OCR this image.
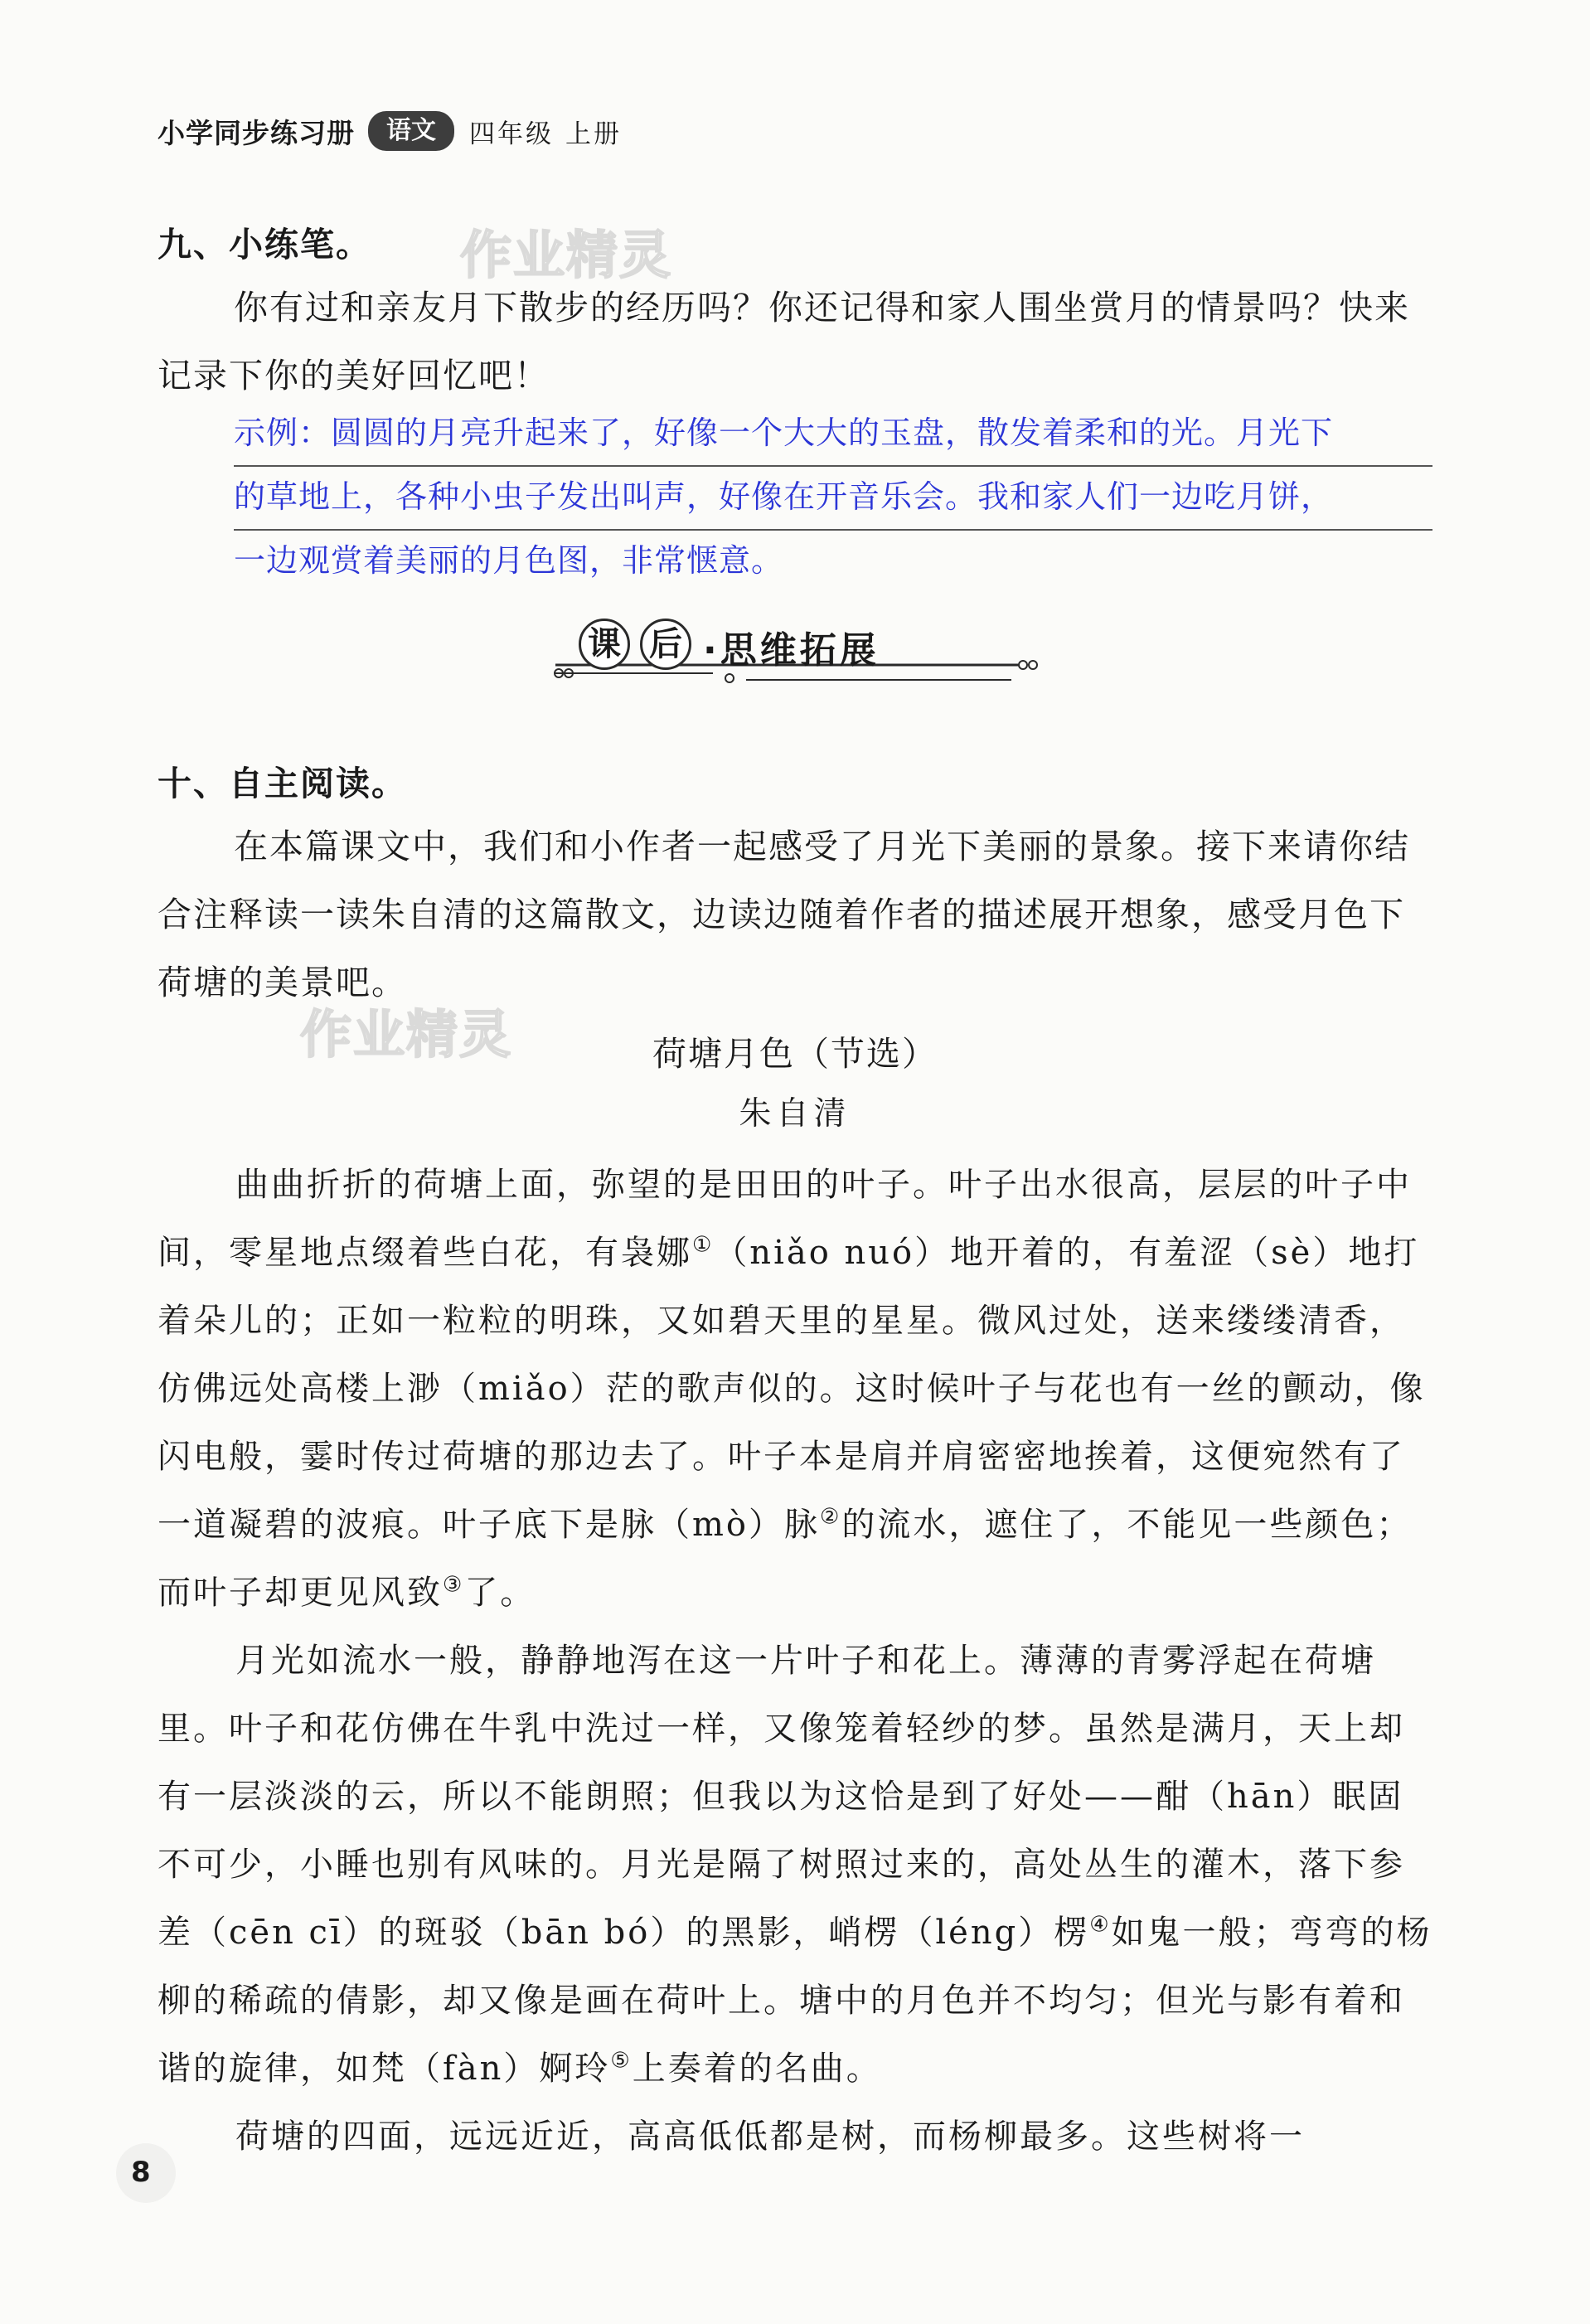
小学同步练习册	语文	四年级 上册
作业精灵
作业精灵
九、小练笔。

你有过和亲友月下散步的经历吗？你还记得和家人围坐赏月的情景吗？快来记录下你的美好回忆吧！

示例：圆圆的月亮升起来了，好像一个大大的玉盘，散发着柔和的光。月光下
的草地上，各种小虫子发出叫声，好像在开音乐会。我和家人们一边吃月饼，
一边观赏着美丽的月色图，非常惬意。
课 后 ·思维拓展
十、自主阅读。

在本篇课文中，我们和小作者一起感受了月光下美丽的景象。接下来请你结合注释读一读朱自清的这篇散文，边读边随着作者的描述展开想象，感受月色下荷塘的美景吧。

荷塘月色（节选）
朱自清

曲曲折折的荷塘上面，弥望的是田田的叶子。叶子出水很高，层层的叶子中间，零星地点缀着些白花，有袅娜①（niǎo nuó）地开着的，有羞涩（sè）地打着朵儿的；正如一粒粒的明珠，又如碧天里的星星。微风过处，送来缕缕清香，仿佛远处高楼上渺（miǎo）茫的歌声似的。这时候叶子与花也有一丝的颤动，像闪电般，霎时传过荷塘的那边去了。叶子本是肩并肩密密地挨着，这便宛然有了一道凝碧的波痕。叶子底下是脉（mò）脉②的流水，遮住了，不能见一些颜色；而叶子却更见风致③了。

月光如流水一般，静静地泻在这一片叶子和花上。薄薄的青雾浮起在荷塘里。叶子和花仿佛在牛乳中洗过一样，又像笼着轻纱的梦。虽然是满月，天上却有一层淡淡的云，所以不能朗照；但我以为这恰是到了好处——酣（hān）眠固不可少，小睡也别有风味的。月光是隔了树照过来的，高处丛生的灌木，落下参差（cēn cī）的斑驳（bān bó）的黑影，峭楞（léng）楞④如鬼一般；弯弯的杨柳的稀疏的倩影，却又像是画在荷叶上。塘中的月色并不均匀；但光与影有着和谐的旋律，如梵（fàn）婀玲⑤上奏着的名曲。

荷塘的四面，远远近近，高高低低都是树，而杨柳最多。这些树将一

8
